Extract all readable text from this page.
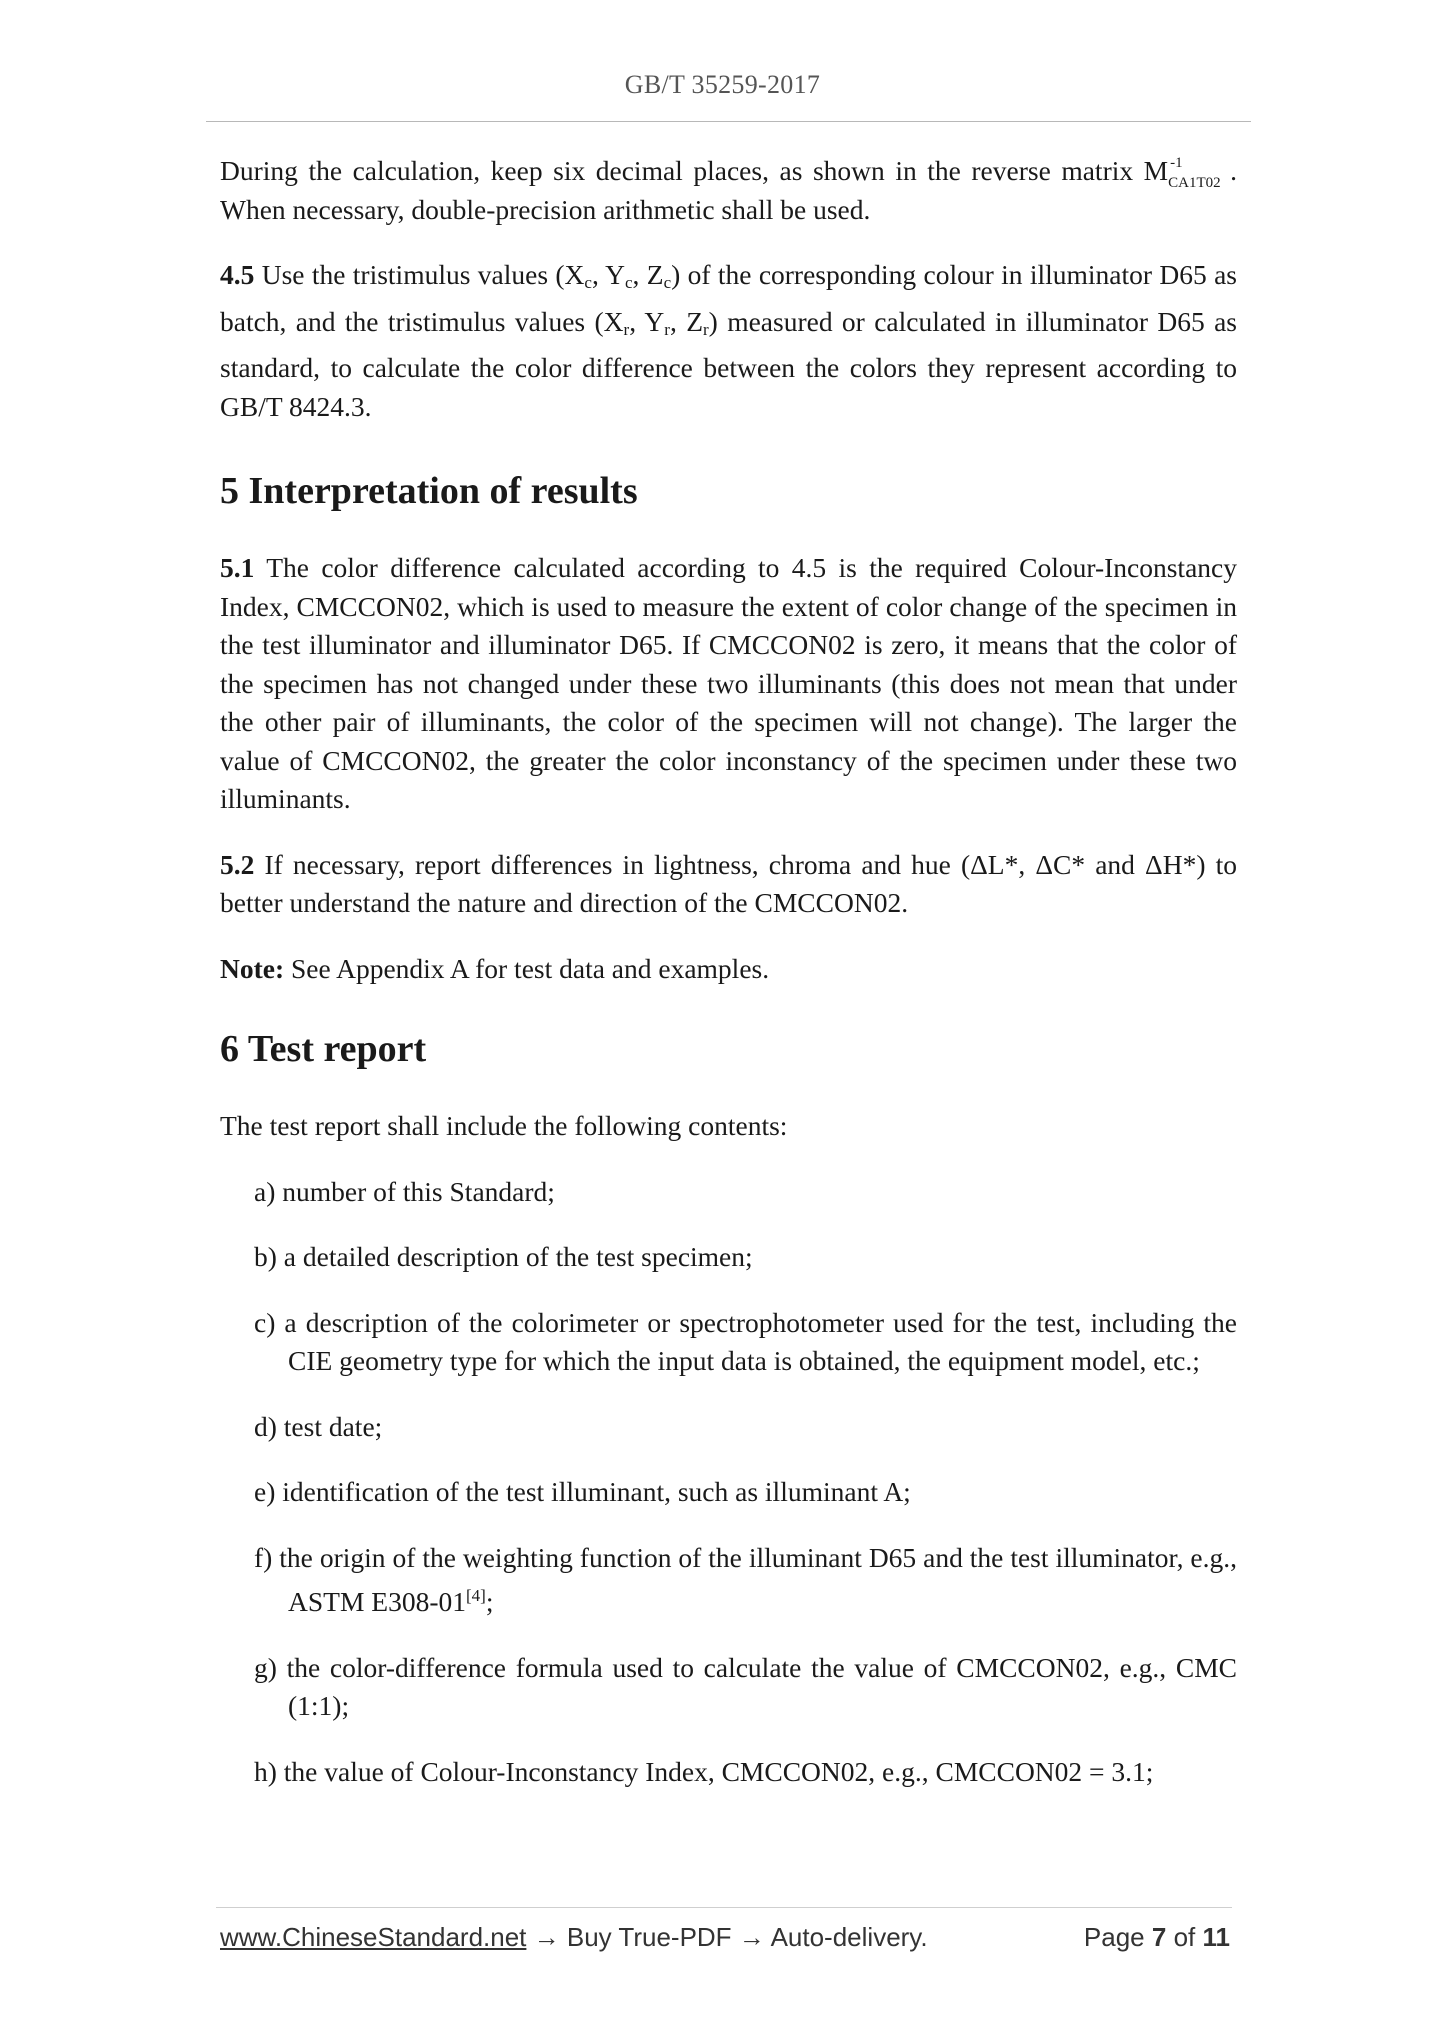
GB/T 35259-2017

During the calculation, keep six decimal places, as shown in the reverse matrix M -1
CA1T02 . When necessary, double-precision arithmetic shall be used.

4.5 Use the tristimulus values ($X_c$, $Y_c$, $Z_c$) of the corresponding colour in illuminator D65 as batch, and the tristimulus values ($X_r$, $Y_r$, $Z_r$) measured or calculated in illuminator D65 as standard, to calculate the color difference between the colors they represent according to GB/T 8424.3.

5 Interpretation of results

5.1 The color difference calculated according to 4.5 is the required Colour-Inconstancy Index, CMCCON02, which is used to measure the extent of color change of the specimen in the test illuminator and illuminator D65. If CMCCON02 is zero, it means that the color of the specimen has not changed under these two illuminants (this does not mean that under the other pair of illuminants, the color of the specimen will not change). The larger the value of CMCCON02, the greater the color inconstancy of the specimen under these two illuminants.

5.2 If necessary, report differences in lightness, chroma and hue (ΔL*, ΔC* and ΔH*) to better understand the nature and direction of the CMCCON02.

Note: See Appendix A for test data and examples.

6 Test report

The test report shall include the following contents:

a) number of this Standard;

b) a detailed description of the test specimen;

c) a description of the colorimeter or spectrophotometer used for the test, including the CIE geometry type for which the input data is obtained, the equipment model, etc.;

d) test date;

e) identification of the test illuminant, such as illuminant A;

f) the origin of the weighting function of the illuminant D65 and the test illuminator, e.g., ASTM E308-01[4];

g) the color-difference formula used to calculate the value of CMCCON02, e.g., CMC (1:1);

h) the value of Colour-Inconstancy Index, CMCCON02, e.g., CMCCON02 = 3.1;

www.ChineseStandard.net → Buy True-PDF → Auto-delivery.	Page 7 of 11
